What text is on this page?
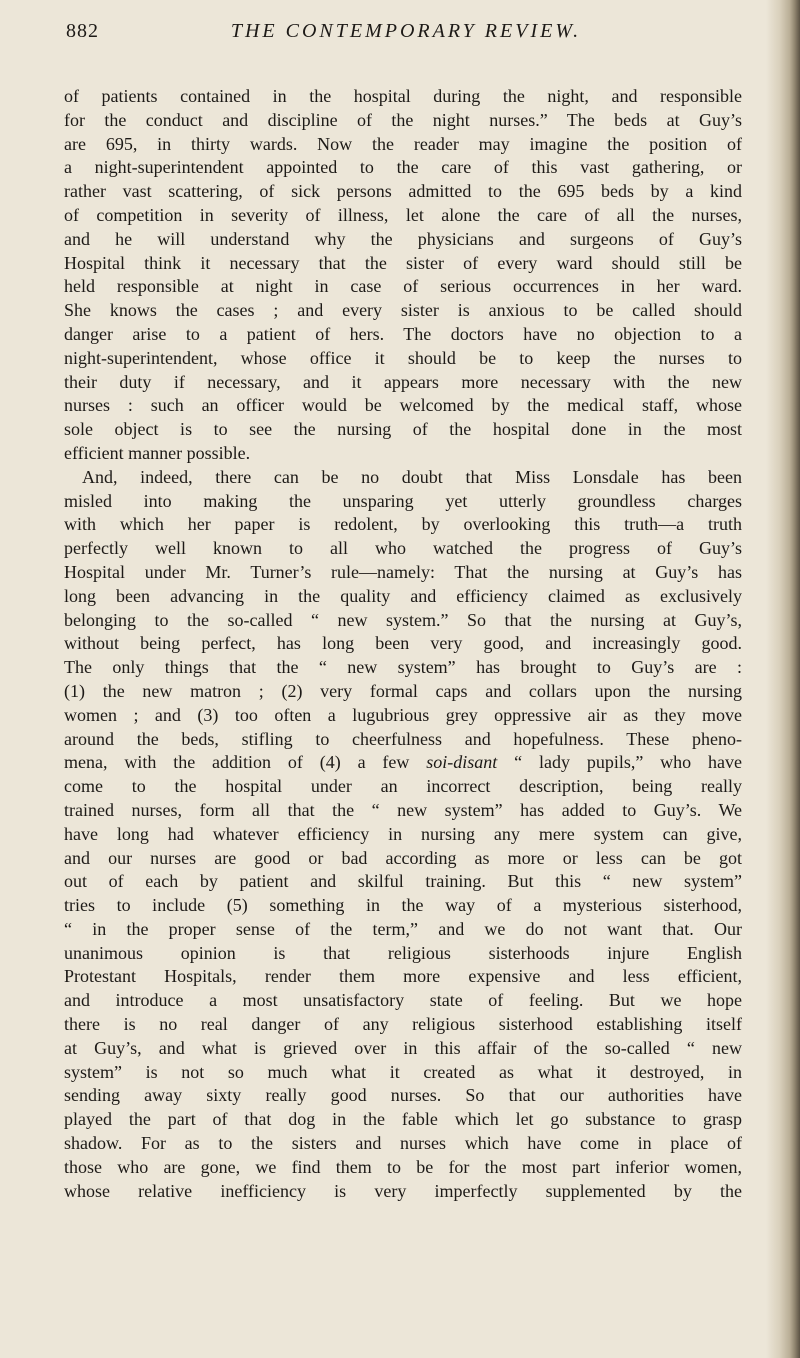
882	THE CONTEMPORARY REVIEW.
of patients contained in the hospital during the night, and responsible
for the conduct and discipline of the night nurses.” The beds at Guy’s
are 695, in thirty wards. Now the reader may imagine the position of
a night-superintendent appointed to the care of this vast gathering, or
rather vast scattering, of sick persons admitted to the 695 beds by a kind
of competition in severity of illness, let alone the care of all the nurses,
and he will understand why the physicians and surgeons of Guy’s
Hospital think it necessary that the sister of every ward should still be
held responsible at night in case of serious occurrences in her ward.
She knows the cases ; and every sister is anxious to be called should
danger arise to a patient of hers. The doctors have no objection to a
night-superintendent, whose office it should be to keep the nurses to
their duty if necessary, and it appears more necessary with the new
nurses : such an officer would be welcomed by the medical staff, whose
sole object is to see the nursing of the hospital done in the most
efficient manner possible.
And, indeed, there can be no doubt that Miss Lonsdale has been
misled into making the unsparing yet utterly groundless charges
with which her paper is redolent, by overlooking this truth—a truth
perfectly well known to all who watched the progress of Guy’s
Hospital under Mr. Turner’s rule—namely: That the nursing at Guy’s has
long been advancing in the quality and efficiency claimed as exclusively
belonging to the so-called “ new system.” So that the nursing at Guy’s,
without being perfect, has long been very good, and increasingly good.
The only things that the “ new system” has brought to Guy’s are :
(1) the new matron ; (2) very formal caps and collars upon the nursing
women ; and (3) too often a lugubrious grey oppressive air as they move
around the beds, stifling to cheerfulness and hopefulness. These pheno-
mena, with the addition of (4) a few soi-disant “ lady pupils,” who have
come to the hospital under an incorrect description, being really
trained nurses, form all that the “ new system” has added to Guy’s. We
have long had whatever efficiency in nursing any mere system can give,
and our nurses are good or bad according as more or less can be got
out of each by patient and skilful training. But this “ new system”
tries to include (5) something in the way of a mysterious sisterhood,
“ in the proper sense of the term,” and we do not want that. Our
unanimous opinion is that religious sisterhoods injure English
Protestant Hospitals, render them more expensive and less efficient,
and introduce a most unsatisfactory state of feeling. But we hope
there is no real danger of any religious sisterhood establishing itself
at Guy’s, and what is grieved over in this affair of the so-called “ new
system” is not so much what it created as what it destroyed, in
sending away sixty really good nurses. So that our authorities have
played the part of that dog in the fable which let go substance to grasp
shadow. For as to the sisters and nurses which have come in place of
those who are gone, we find them to be for the most part inferior women,
whose relative inefficiency is very imperfectly supplemented by the
